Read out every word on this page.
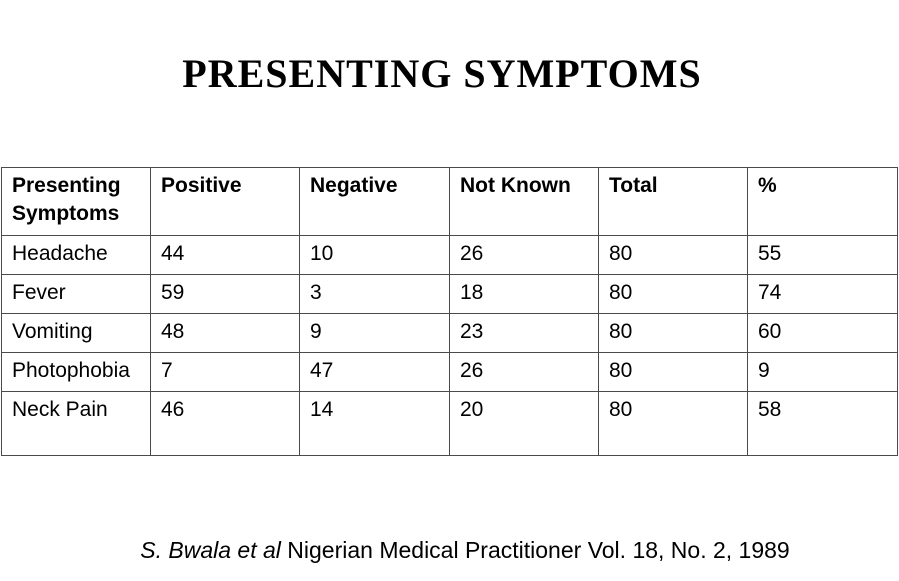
PRESENTING SYMPTOMS
Presenting Symptoms	Positive	Negative	Not Known	Total	%
Headache	44	10	26	80	55
Fever	59	3	18	80	74
Vomiting	48	9	23	80	60
Photophobia	7	47	26	80	9
Neck Pain	46	14	20	80	58

S. Bwala et al Nigerian Medical Practitioner Vol. 18, No. 2, 1989
